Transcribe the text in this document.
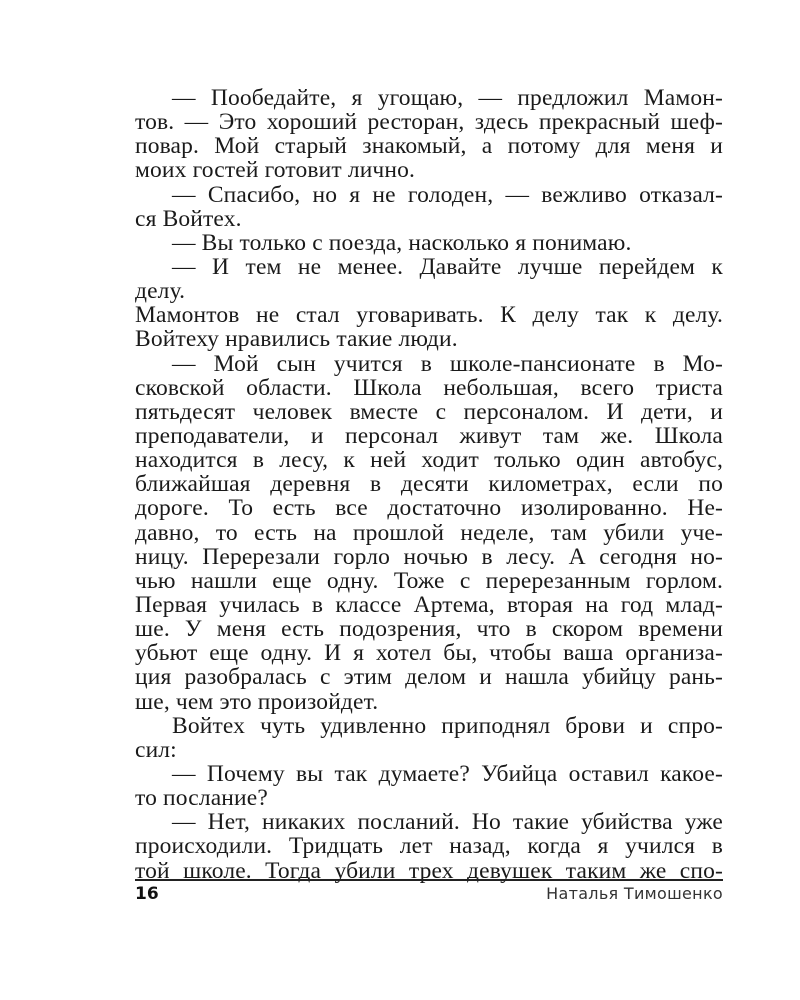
— Пообедайте, я угощаю, — предложил Мамон-
тов. — Это хороший ресторан, здесь прекрасный шеф-
повар. Мой старый знакомый, а потому для меня и
моих гостей готовит лично.
— Спасибо, но я не голоден, — вежливо отказал-
ся Войтех.
— Вы только с поезда, насколько я понимаю.
— И тем не менее. Давайте лучше перейдем к
делу.
Мамонтов не стал уговаривать. К делу так к делу.
Войтеху нравились такие люди.
— Мой сын учится в школе-пансионате в Мо-
сковской области. Школа небольшая, всего триста
пятьдесят человек вместе с персоналом. И дети, и
преподаватели, и персонал живут там же. Школа
находится в лесу, к ней ходит только один автобус,
ближайшая деревня в десяти километрах, если по
дороге. То есть все достаточно изолированно. Не-
давно, то есть на прошлой неделе, там убили уче-
ницу. Перерезали горло ночью в лесу. А сегодня но-
чью нашли еще одну. Тоже с перерезанным горлом.
Первая училась в классе Артема, вторая на год млад-
ше. У меня есть подозрения, что в скором времени
убьют еще одну. И я хотел бы, чтобы ваша организа-
ция разобралась с этим делом и нашла убийцу рань-
ше, чем это произойдет.
Войтех чуть удивленно приподнял брови и спро-
сил:
— Почему вы так думаете? Убийца оставил какое-
то послание?
— Нет, никаких посланий. Но такие убийства уже
происходили. Тридцать лет назад, когда я учился в
той школе. Тогда убили трех девушек таким же спо-
16	Наталья Тимошенко
